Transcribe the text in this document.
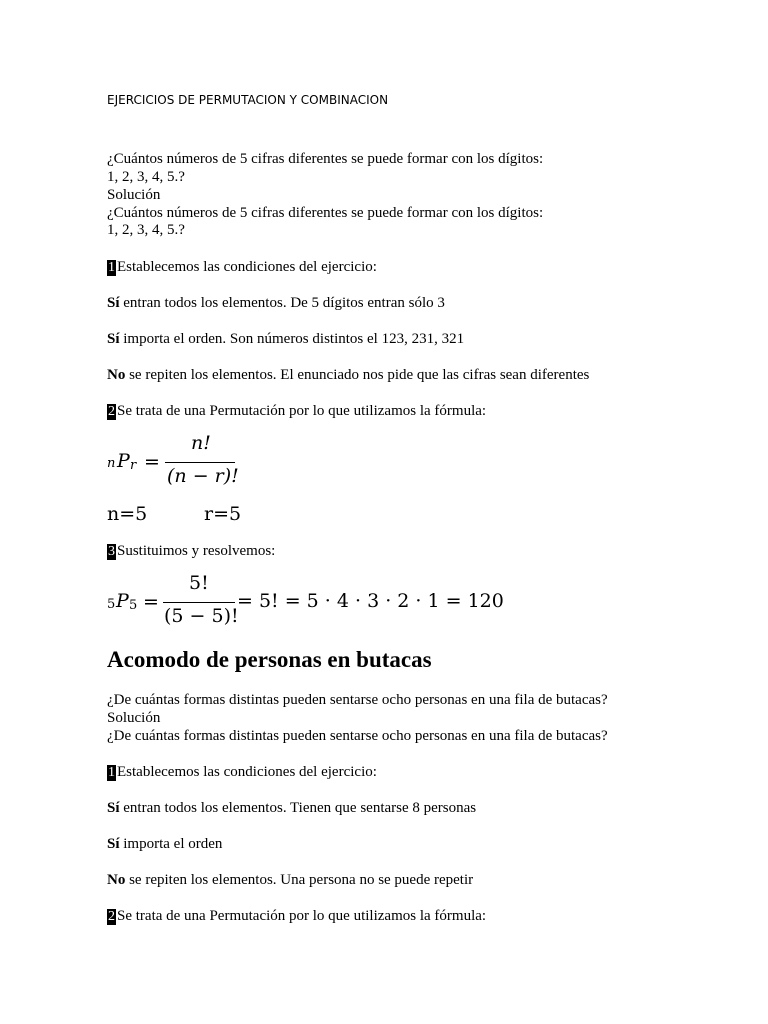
EJERCICIOS DE PERMUTACION Y COMBINACION
¿Cuántos números de 5 cifras diferentes se puede formar con los dígitos:
1, 2, 3, 4, 5.?
Solución
¿Cuántos números de 5 cifras diferentes se puede formar con los dígitos:
1, 2, 3, 4, 5.?
1 Establecemos las condiciones del ejercicio:
Sí entran todos los elementos. De 5 dígitos entran sólo 3
Sí importa el orden. Son números distintos el 123, 231, 321
No se repiten los elementos. El enunciado nos pide que las cifras sean diferentes
2 Se trata de una Permutación por lo que utilizamos la fórmula:
n P r =
n!
(n − r)!
n=5	r=5
3 Sustituimos y resolvemos:
5 P 5 =
5!
(5 − 5)!
= 5! = 5 · 4 · 3 · 2 · 1 = 120
Acomodo de personas en butacas
¿De cuántas formas distintas pueden sentarse ocho personas en una fila de butacas?
Solución
¿De cuántas formas distintas pueden sentarse ocho personas en una fila de butacas?
1 Establecemos las condiciones del ejercicio:
Sí entran todos los elementos. Tienen que sentarse 8 personas
Sí importa el orden
No se repiten los elementos. Una persona no se puede repetir
2 Se trata de una Permutación por lo que utilizamos la fórmula:
